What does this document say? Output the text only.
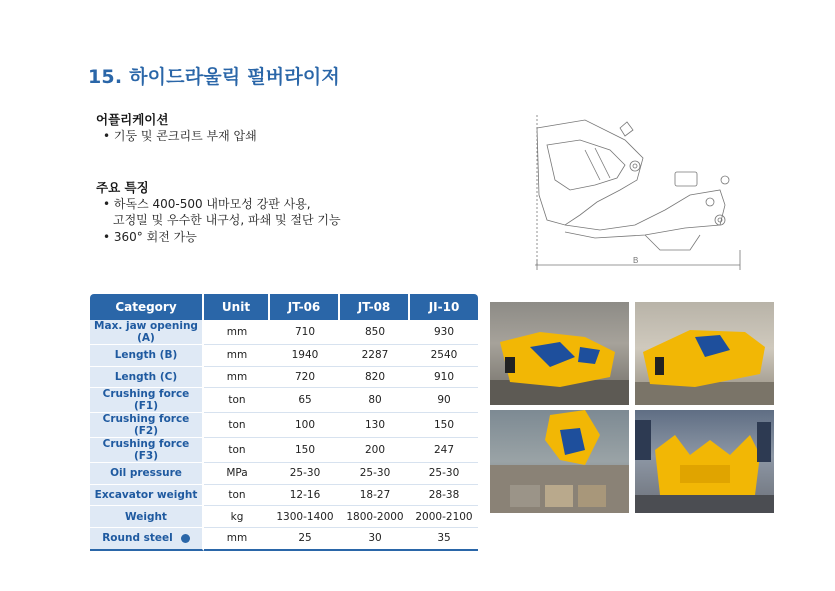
15. 하이드라울릭 펄버라이저
어플리케이션
• 기둥 및 콘크리트 부재 압쇄
주요 특징
• 하독스 400-500 내마모성 강판 사용,
고정밀 및 우수한 내구성, 파쇄 및 절단 기능
• 360° 회전 가능
B
Category	Unit	JT-06	JT-08	JI-10
Max. jaw opening (A)	mm	710	850	930
Length (B)	mm	1940	2287	2540
Length (C)	mm	720	820	910
Crushing force (F1)	ton	65	80	90
Crushing force (F2)	ton	100	130	150
Crushing force (F3)	ton	150	200	247
Oil pressure	MPa	25-30	25-30	25-30
Excavator weight	ton	12-16	18-27	28-38
Weight	kg	1300-1400	1800-2000	2000-2100
Round steel	mm	25	30	35
